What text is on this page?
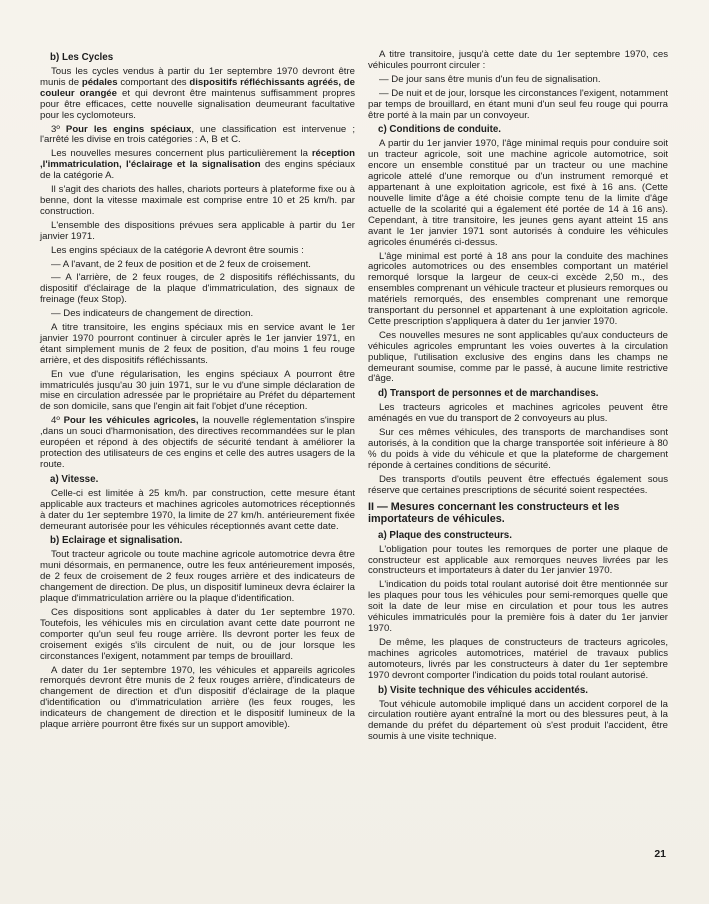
b) Les Cycles

Tous les cycles vendus à partir du 1er septembre 1970 devront être munis de pédales comportant des dispositifs réfléchissants agréés, de couleur orangée et qui devront être maintenus suffisamment propres pour être efficaces, cette nouvelle signalisation deumeurant facultative pour les cyclomoteurs.

3º Pour les engins spéciaux, une classification est intervenue ; l'arrêté les divise en trois catégories : A, B et C.

Les nouvelles mesures concernent plus particulièrement la réception ,l'immatriculation, l'éclairage et la signalisation des engins spéciaux de la catégorie A.

Il s'agit des chariots des halles, chariots porteurs à plateforme fixe ou à benne, dont la vitesse maximale est comprise entre 10 et 25 km/h. par construction.

L'ensemble des dispositions prévues sera applicable à partir du 1er janvier 1971.

Les engins spéciaux de la catégorie A devront être soumis :

— A l'avant, de 2 feux de position et de 2 feux de croisement.

— A l'arrière, de 2 feux rouges, de 2 dispositifs réfléchissants, du dispositif d'éclairage de la plaque d'immatriculation, des signaux de freinage (feux Stop).

— Des indicateurs de changement de direction.

A titre transitoire, les engins spéciaux mis en service avant le 1er janvier 1970 pourront continuer à circuler après le 1er janvier 1971, en étant simplement munis de 2 feux de position, d'au moins 1 feu rouge arrière, et des dispositifs réfléchissants.

En vue d'une régularisation, les engins spéciaux A pourront être immatriculés jusqu'au 30 juin 1971, sur le vu d'une simple déclaration de mise en circulation adressée par le propriétaire au Préfet du département de son domicile, sans que l'engin ait fait l'objet d'une réception.

4º Pour les véhicules agricoles, la nouvelle réglementation s'inspire ,dans un souci d'harmonisation, des directives recommandées sur le plan européen et répond à des objectifs de sécurité tendant à améliorer la protection des utilisateurs de ces engins et celle des autres usagers de la route.

a) Vitesse.

Celle-ci est limitée à 25 km/h. par construction, cette mesure étant applicable aux tracteurs et machines agricoles automotrices réceptionnés à dater du 1er septembre 1970, la limite de 27 km/h. antérieurement fixée demeurant autorisée pour les véhicules réceptionnés avant cette date.

b) Eclairage et signalisation.

Tout tracteur agricole ou toute machine agricole automotrice devra être muni désormais, en permanence, outre les feux antérieurement imposés, de 2 feux de croisement de 2 feux rouges arrière et des indicateurs de changement de direction. De plus, un dispositif lumineux devra éclairer la plaque d'immatriculation arrière ou la plaque d'identification.

Ces dispositions sont applicables à dater du 1er septembre 1970. Toutefois, les véhicules mis en circulation avant cette date pourront ne comporter qu'un seul feu rouge arrière. Ils devront porter les feux de croisement exigés s'ils circulent de nuit, ou de jour lorsque les circonstances l'exigent, notamment par temps de brouillard.

A dater du 1er septembre 1970, les véhicules et appareils agricoles remorqués devront être munis de 2 feux rouges arrière, d'indicateurs de changement de direction et d'un dispositif d'éclairage de la plaque d'identification ou d'immatriculation arrière (les feux rouges, les indicateurs de changement de direction et le dispositif lumineux de la plaque arrière pourront être fixés sur un support amovible).

A titre transitoire, jusqu'à cette date du 1er septembre 1970, ces véhicules pourront circuler :

— De jour sans être munis d'un feu de signalisation.

— De nuit et de jour, lorsque les circonstances l'exigent, notamment par temps de brouillard, en étant muni d'un seul feu rouge qui pourra être porté à la main par un convoyeur.

c) Conditions de conduite.

A partir du 1er janvier 1970, l'âge minimal requis pour conduire soit un tracteur agricole, soit une machine agricole automotrice, soit encore un ensemble constitué par un tracteur ou une machine agricole attelé d'une remorque ou d'un instrument remorqué et appartenant à une exploitation agricole, est fixé à 16 ans. (Cette nouvelle limite d'âge a été choisie compte tenu de la limite d'âge actuelle de la scolarité qui a également été portée de 14 à 16 ans). Cependant, à titre transitoire, les jeunes gens ayant atteint 15 ans avant le 1er janvier 1971 sont autorisés à conduire les véhicules agricoles énumérés ci-dessus.

L'âge minimal est porté à 18 ans pour la conduite des machines agricoles automotrices ou des ensembles comportant un matériel remorqué lorsque la largeur de ceux-ci excède 2,50 m., des ensembles comprenant un véhicule tracteur et plusieurs remorques ou matériels remorqués, des ensembles comprenant une remorque transportant du personnel et appartenant à une exploitation agricole. Cette prescription s'appliquera à dater du 1er janvier 1970.

Ces nouvelles mesures ne sont applicables qu'aux conducteurs de véhicules agricoles empruntant les voies ouvertes à la circulation publique, l'utilisation exclusive des engins dans les champs ne demeurant soumise, comme par le passé, à aucune limite restrictive d'âge.

d) Transport de personnes et de marchandises.

Les tracteurs agricoles et machines agricoles peuvent être aménagés en vue du transport de 2 convoyeurs au plus.

Sur ces mêmes véhicules, des transports de marchandises sont autorisés, à la condition que la charge transportée soit inférieure à 80 % du poids à vide du véhicule et que la plateforme de chargement réponde à certaines conditions de sécurité.

Des transports d'outils peuvent être effectués également sous réserve que certaines prescriptions de sécurité soient respectées.

II — Mesures concernant les constructeurs et les importateurs de véhicules.
a) Plaque des constructeurs.

L'obligation pour toutes les remorques de porter une plaque de constructeur est applicable aux remorques neuves livrées par les constructeurs et importateurs à dater du 1er janvier 1970.

L'indication du poids total roulant autorisé doit être mentionnée sur les plaques pour tous les véhicules pour semi-remorques quelle que soit la date de leur mise en circulation et pour tous les autres véhicules immatriculés pour la première fois à dater du 1er janvier 1970.

De même, les plaques de constructeurs de tracteurs agricoles, machines agricoles automotrices, matériel de travaux publics automoteurs, livrés par les constructeurs à dater du 1er septembre 1970 devront comporter l'indication du poids total roulant autorisé.

b) Visite technique des véhicules accidentés.

Tout véhicule automobile impliqué dans un accident corporel de la circulation routière ayant entraîné la mort ou des blessures peut, à la demande du préfet du département où s'est produit l'accident, être soumis à une visite technique.

21
